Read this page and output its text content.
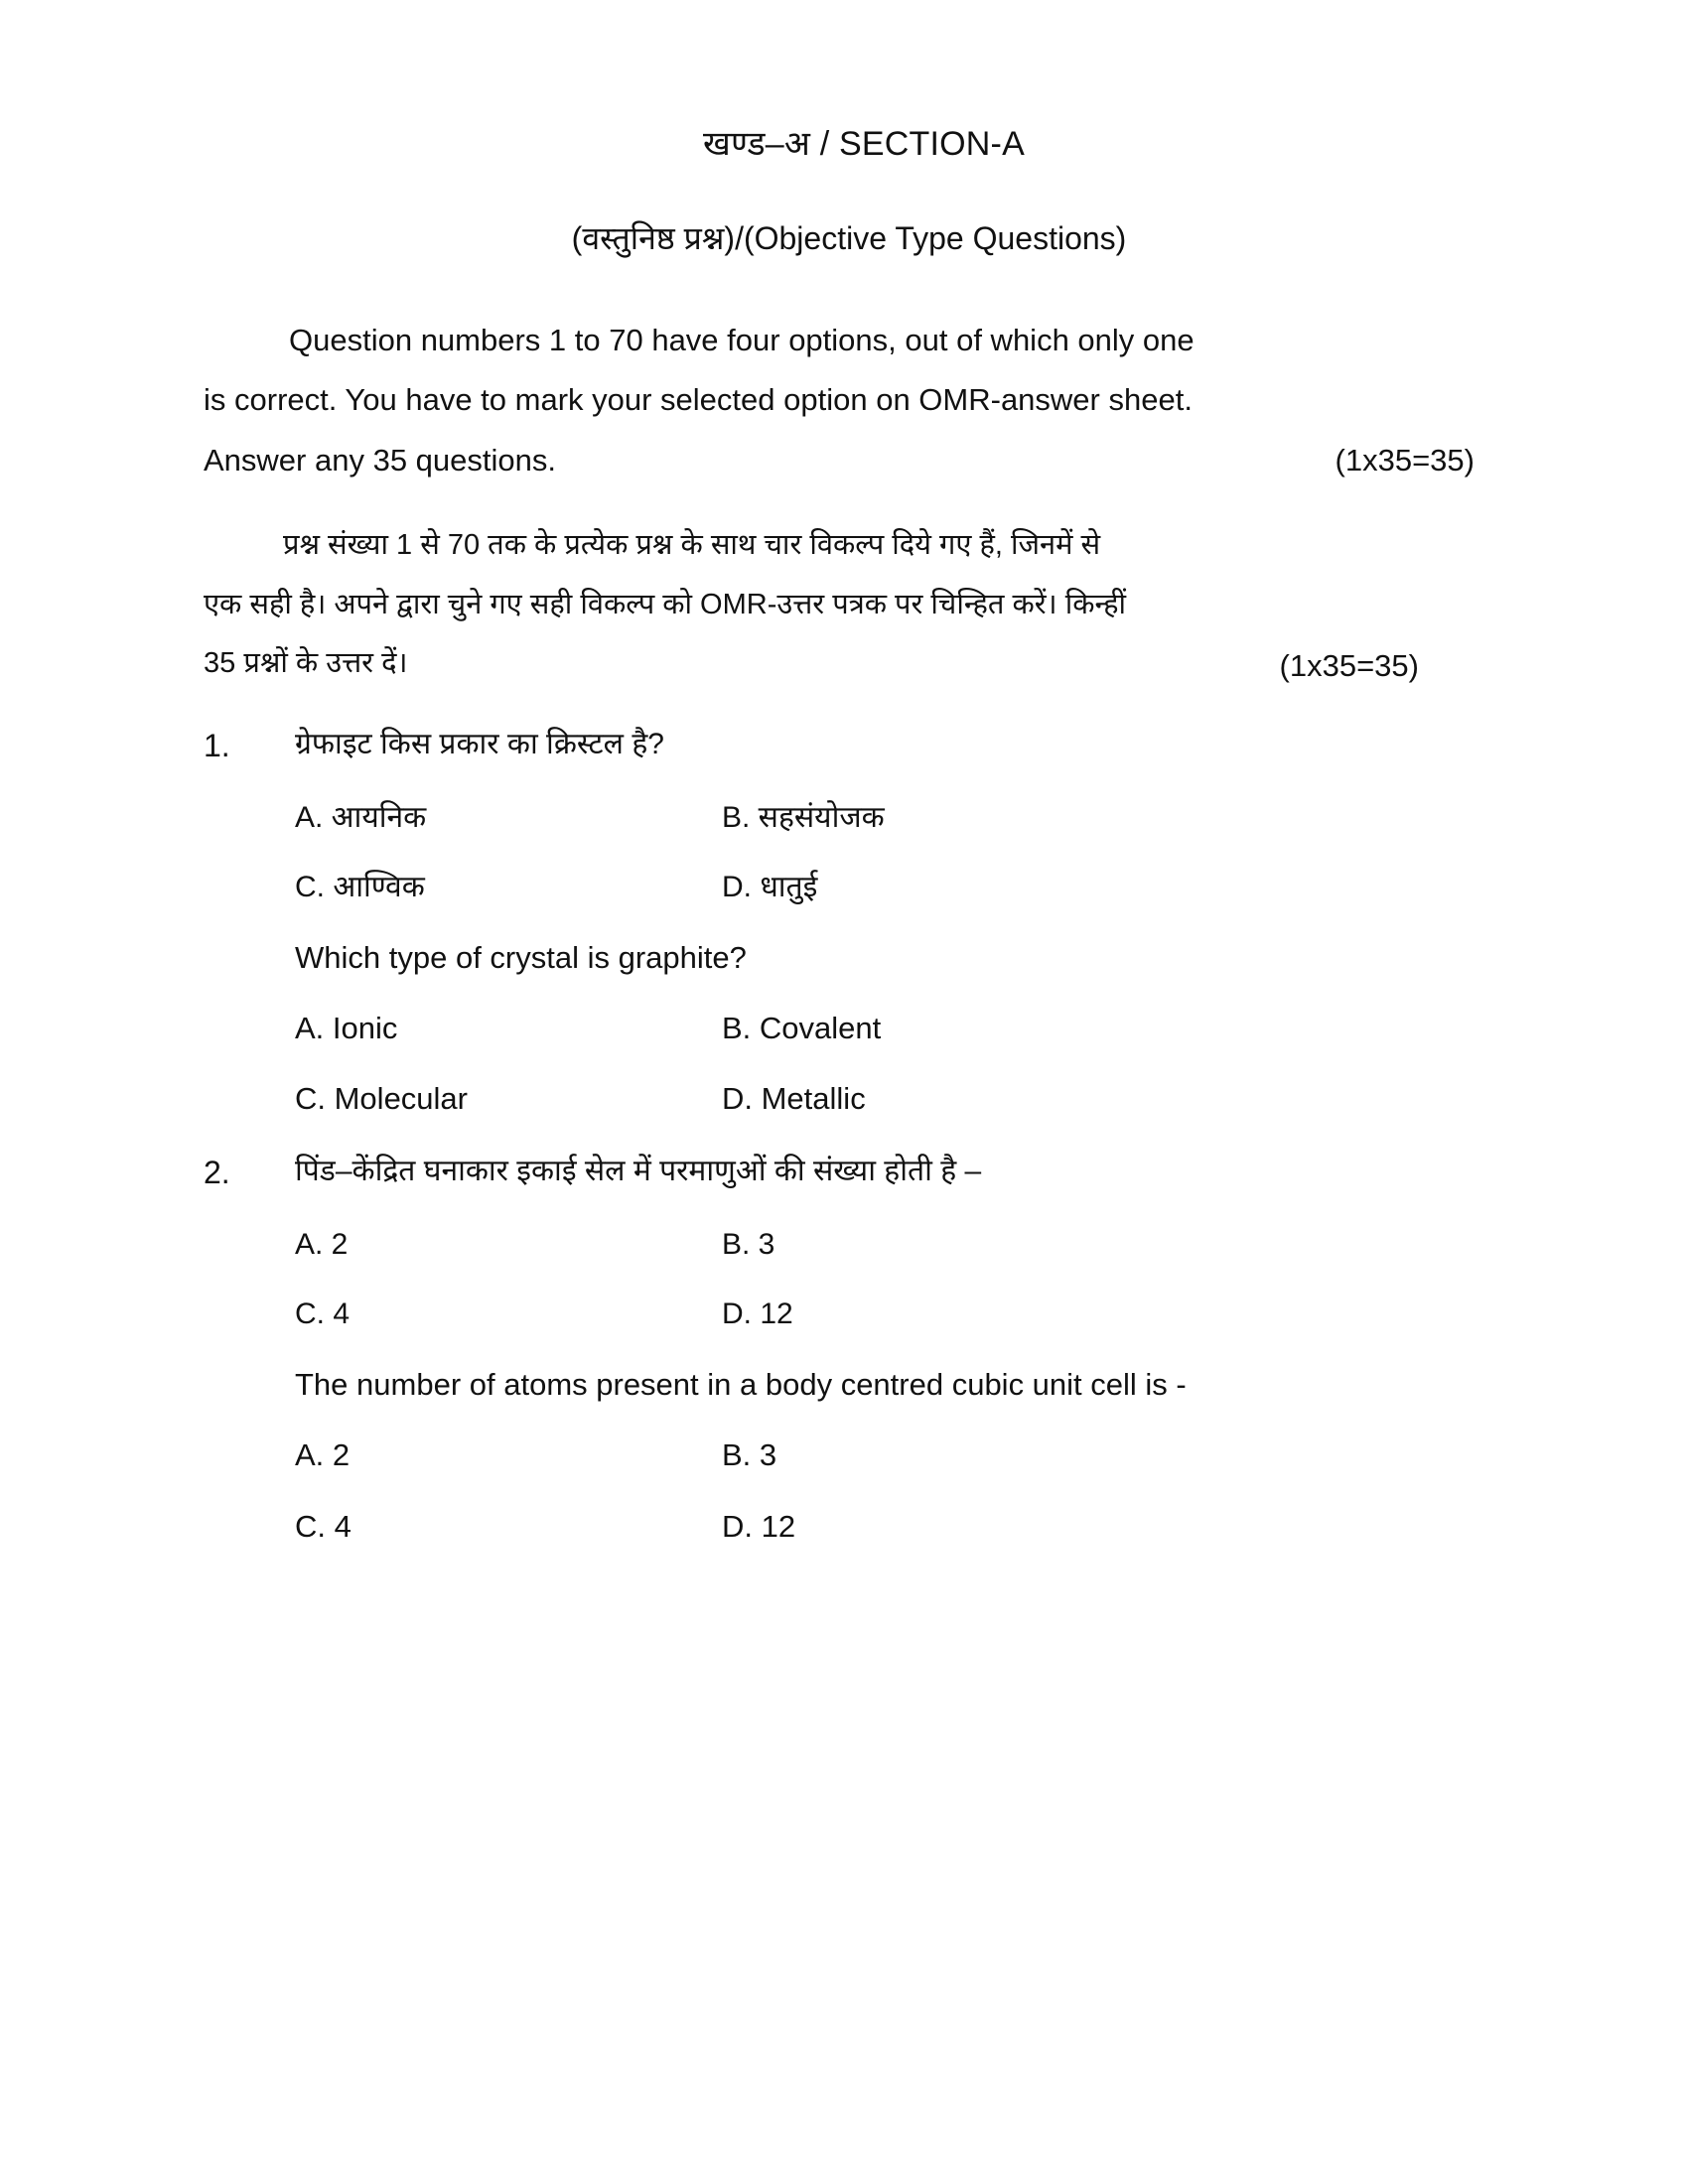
खण्ड–अ / SECTION-A
(वस्तुनिष्ठ प्रश्न)/(Objective Type Questions)
Question numbers 1 to 70 have four options, out of which only one
is correct. You have to mark your selected option on OMR-answer sheet.
Answer any 35 questions.	(1x35=35)
प्रश्न संख्या 1 से 70 तक के प्रत्येक प्रश्न के साथ चार विकल्प दिये गए हैं, जिनमें से
एक सही है। अपने द्वारा चुने गए सही विकल्प को OMR-उत्तर पत्रक पर चिन्हित करें। किन्हीं
35 प्रश्नों के उत्तर दें।	(1x35=35)
1.	ग्रेफाइट किस प्रकार का क्रिस्टल है?
A. आयनिक	B. सहसंयोजक
C. आण्विक	D. धातुई
Which type of crystal is graphite?
A. Ionic	B. Covalent
C. Molecular	D. Metallic
2.	पिंड–केंद्रित घनाकार इकाई सेल में परमाणुओं की संख्या होती है –
A. 2	B. 3
C. 4	D. 12
The number of atoms present in a body centred cubic unit cell is -
A. 2	B. 3
C. 4	D. 12
